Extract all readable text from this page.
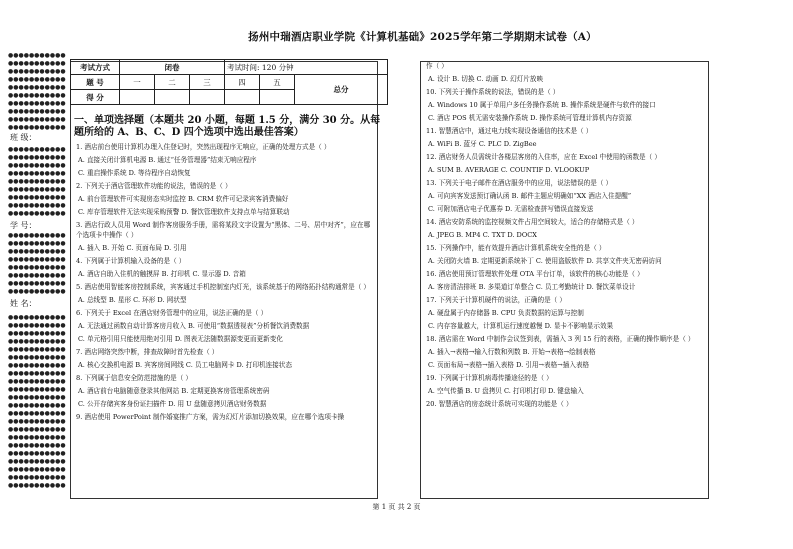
扬州中瑞酒店职业学院《计算机基础》2025学年第二学期期末试卷（A）
●●●●●●●●●●●
●●●●●●●●●●●
●●●●●●●●●●●
●●●●●●●●●●●
●●●●●●●●●●●
●●●●●●●●●●●
●●●●●●●●●●●
●●●●●●●●●●●
●●●●●●●●●●●
●●●●●●●●●●●
班 级：
●●●●●●●●●●●
●●●●●●●●●●●
●●●●●●●●●●●
●●●●●●●●●●●
●●●●●●●●●●●
●●●●●●●●●●●
●●●●●●●●●●●
●●●●●●●●●●●
●●●●●●●●●●●
学 号：
●●●●●●●●●●●
●●●●●●●●●●●
●●●●●●●●●●●
●●●●●●●●●●●
●●●●●●●●●●●
●●●●●●●●●●●
●●●●●●●●●●●
●●●●●●●●●●●
姓 名：
●●●●●●●●●●●
●●●●●●●●●●●
●●●●●●●●●●●
●●●●●●●●●●●
●●●●●●●●●●●
●●●●●●●●●●●
●●●●●●●●●●●
●●●●●●●●●●●
●●●●●●●●●●●
●●●●●●●●●●●
●●●●●●●●●●●
●●●●●●●●●●●
●●●●●●●●●●●
●●●●●●●●●●●
●●●●●●●●●●●
●●●●●●●●●●●
●●●●●●●●●●●
●●●●●●●●●●●
●●●●●●●●●●●
●●●●●●●●●●●
●●●●●●●●●●●
●●●●●●●●●●●
考试方式	闭卷			考试时间: 120 分钟		
题 号	一	二	三	四	五	总分
得 分						
一、单项选择题（本题共 20 小题，每题 1.5 分，满分 30 分。从每题所给的 A、B、C、D 四个选项中选出最佳答案）

1. 酒店前台使用计算机办理入住登记时，突然出现程序无响应，正确的处理方式是（ ）

A. 直接关闭计算机电源 B. 通过“任务管理器”结束无响应程序

C. 重启操作系统 D. 等待程序自动恢复

2. 下列关于酒店管理软件功能的说法，错误的是（ ）

A. 前台管理软件可实现房态实时监控 B. CRM 软件可记录宾客消费偏好

C. 库存管理软件无法实现采购预警 D. 餐饮管理软件支持点单与结算联动

3. 酒店行政人员用 Word 制作客房服务手册，需将某段文字设置为“黑体、二号、居中对齐”，应在哪个选项卡中操作（ ）

A. 插入 B. 开始 C. 页面布局 D. 引用

4. 下列属于计算机输入设备的是（ ）

A. 酒店自助入住机的触摸屏 B. 打印机 C. 显示器 D. 音箱

5. 酒店使用智能客房控制系统，宾客通过手机控制室内灯光，该系统基于的网络拓扑结构通常是（ ）

A. 总线型 B. 星形 C. 环形 D. 网状型

6. 下列关于 Excel 在酒店财务管理中的应用，说法正确的是（ ）

A. 无法通过函数自动计算客房月收入 B. 可使用“数据透视表”分析餐饮消费数据

C. 单元格引用只能使用绝对引用 D. 图表无法随数据源变更而更新变化

7. 酒店网络突然中断，排查故障时首先检查（ ）

A. 核心交换机电源 B. 宾客房间网线 C. 员工电脑网卡 D. 打印机连接状态

8. 下列属于信息安全防范措施的是（ ）

A. 酒店前台电脑随意登录其他网站 B. 定期更换客房管理系统密码

C. 公开存储宾客身份证扫描件 D. 用 U 盘随意拷贝酒店财务数据

9. 酒店使用 PowerPoint 制作婚宴推广方案，需为幻灯片添加切换效果，应在哪个选项卡操

作（ ）

A. 设计 B. 切换 C. 动画 D. 幻灯片放映

10. 下列关于操作系统的说法，错误的是（ ）

A. Windows 10 属于单用户多任务操作系统 B. 操作系统是硬件与软件的接口

C. 酒店 POS 机无需安装操作系统 D. 操作系统可管理计算机内存资源

11. 智慧酒店中，通过电力线实现设备通信的技术是（ ）

A. WiFi B. 蓝牙 C. PLC D. ZigBee

12. 酒店财务人员需统计各楼层客房的入住率，应在 Excel 中使用的函数是（ ）

A. SUM B. AVERAGE C. COUNTIF D. VLOOKUP

13. 下列关于电子邮件在酒店服务中的应用，说法错误的是（ ）

A. 可向宾客发送预订确认函 B. 邮件主题应明确如“XX 酒店入住提醒”

C. 可附加酒店电子优惠券 D. 无需检查拼写错误直接发送

14. 酒店安防系统的监控视频文件占用空间较大，适合的存储格式是（ ）

A. JPEG B. MP4 C. TXT D. DOCX

15. 下列操作中，能有效提升酒店计算机系统安全性的是（ ）

A. 关闭防火墙 B. 定期更新系统补丁 C. 使用盗版软件 D. 共享文件夹无密码访问

16. 酒店使用预订管理软件处理 OTA 平台订单，该软件的核心功能是（ ）

A. 客房清洁排班 B. 多渠道订单整合 C. 员工考勤统计 D. 餐饮菜单设计

17. 下列关于计算机硬件的说法，正确的是（ ）

A. 硬盘属于内存储器 B. CPU 负责数据的运算与控制

C. 内存容量越大，计算机运行速度越慢 D. 显卡不影响显示效果

18. 酒店需在 Word 中制作会议签到表，需插入 3 列 15 行的表格，正确的操作顺序是（ ）

A. 插入→表格→输入行数和列数 B. 开始→表格→绘制表格

C. 页面布局→表格→插入表格 D. 引用→表格→插入表格

19. 下列属于计算机病毒传播途径的是（ ）

A. 空气传播 B. U 盘拷贝 C. 打印机打印 D. 键盘输入

20. 智慧酒店的房态统计系统可实现的功能是（ ）

第 1 页 共 2 页
